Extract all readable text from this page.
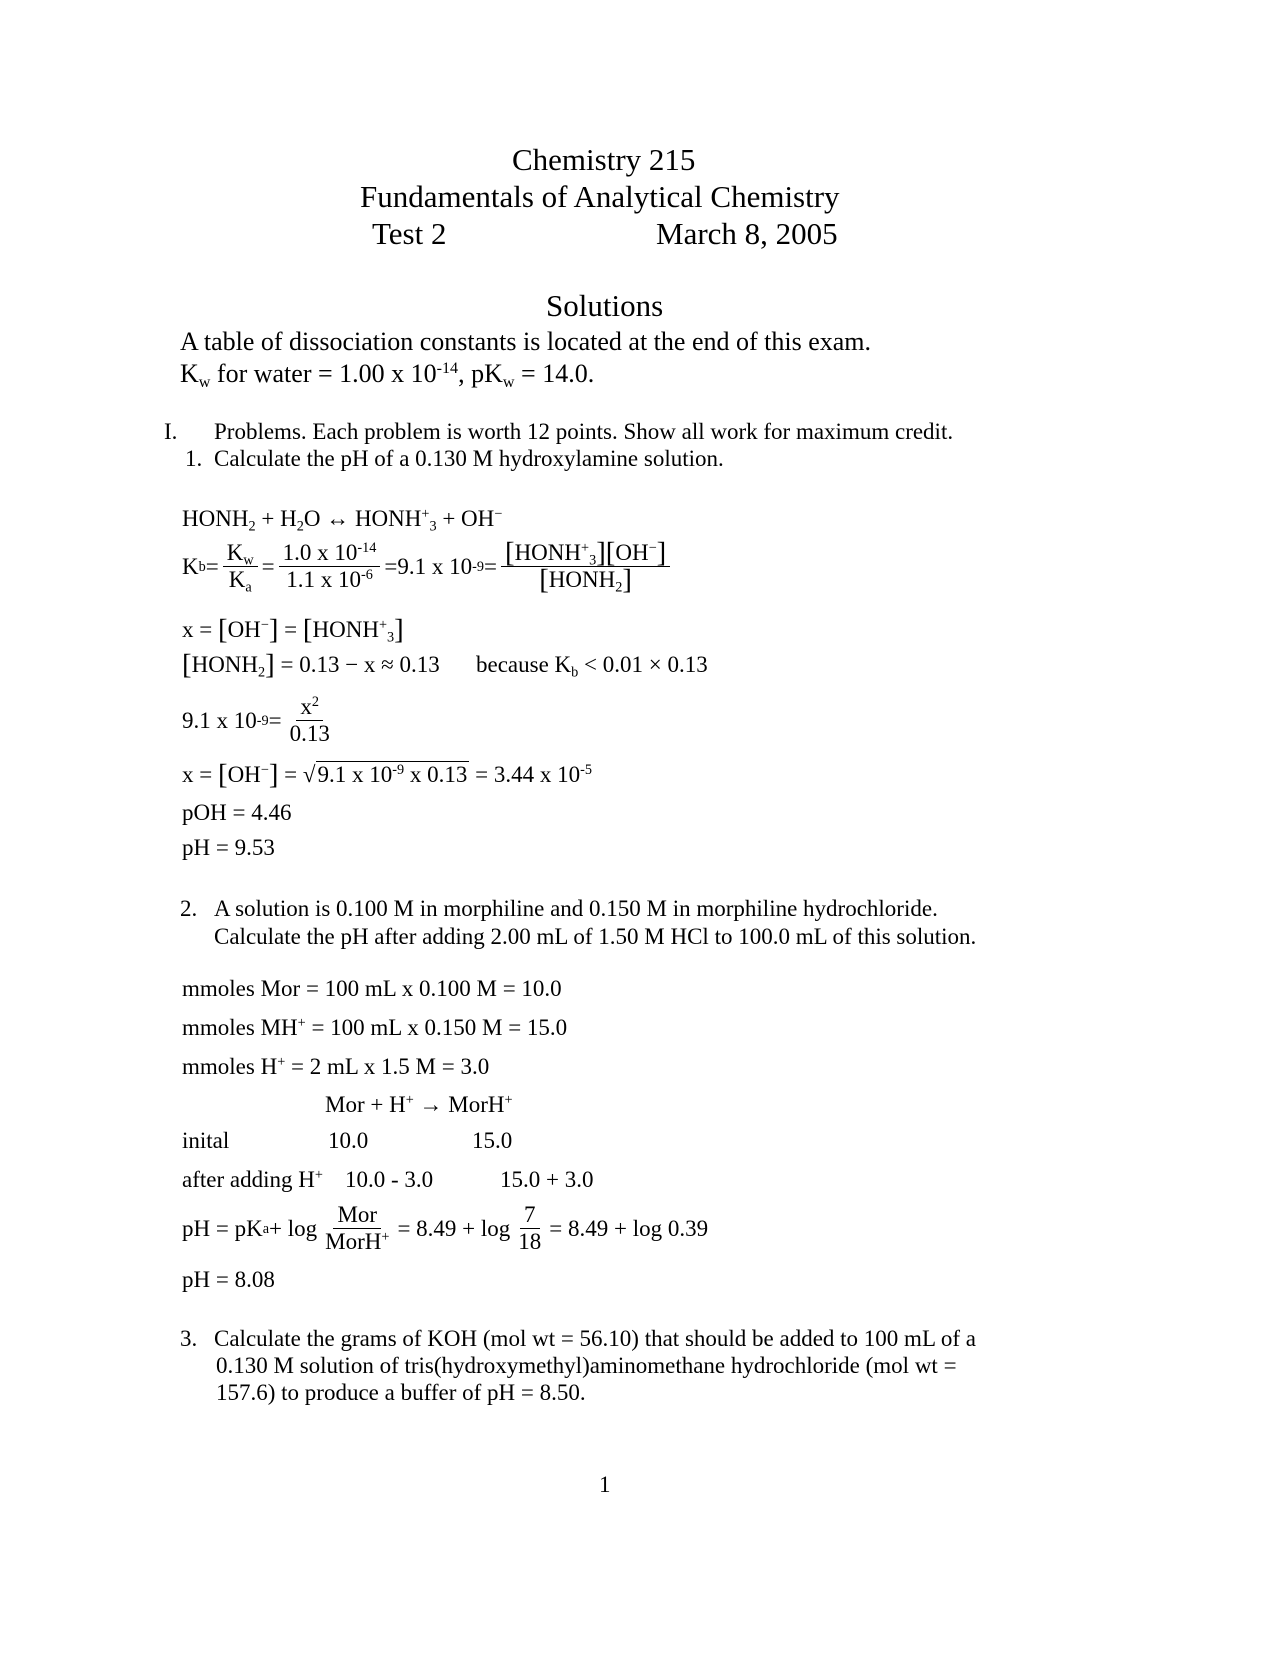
Chemistry 215
Fundamentals of Analytical Chemistry
Test 2	March 8, 2005
Solutions
A table of dissociation constants is located at the end of this exam.
$K_w$ for water = 1.00 x $10^{-14}$, $pK_w = 14.0$.
I. Problems. Each problem is worth 12 points. Show all work for maximum credit.
1. Calculate the pH of a 0.130 M hydroxylamine solution.
$HONH_2 + H_2O$ ↔ $HONH^+_3 + OH^-$
K $b = \frac{K_w}{K_a} = \frac{1.0 x 10^{-14}}{1.1 x 10^{-6}} = 9.1$ x 10 $-9 = \frac{[HONH^+_3][OH^-]}{[HONH_2]}$
$x = [OH^-] = [HONH^+_3]$
$[HONH_2] = 0.13 - x \approx 0.13$ because $K_b < 0.01 \times 0.13$
9.1 x 10 $-9 = \frac{x^2}{0.13}$
x = [OH−] = √9.1 x $10^{-9}$ x 0.13 = 3.44 x $10^{-5}$
pOH = 4.46
pH = 9.53
2. A solution is 0.100 M in morphiline and 0.150 M in morphiline hydrochloride.
Calculate the pH after adding 2.00 mL of 1.50 M HCl to 100.0 mL of this solution.
mmoles Mor = 100 mL x 0.100 M = 10.0
mmoles MH+ = 100 mL x 0.150 M = 15.0
mmoles H+ = 2 mL x 1.5 M = 3.0
Mor + H+ → MorH+
inital	10.0	15.0
after adding H+ 10.0 - 3.0	15.0 + 3.0
pH = pK $a + \log \frac{\text{Mor}}{MorH^+} = 8.49 + \log \frac{7}{18} = 8.49 + \log 0.39$
pH = 8.08
3. Calculate the grams of KOH (mol wt = 56.10) that should be added to 100 mL of a
0.130 M solution of tris(hydroxymethyl)aminomethane hydrochloride (mol wt =
157.6) to produce a buffer of pH = 8.50.
1
